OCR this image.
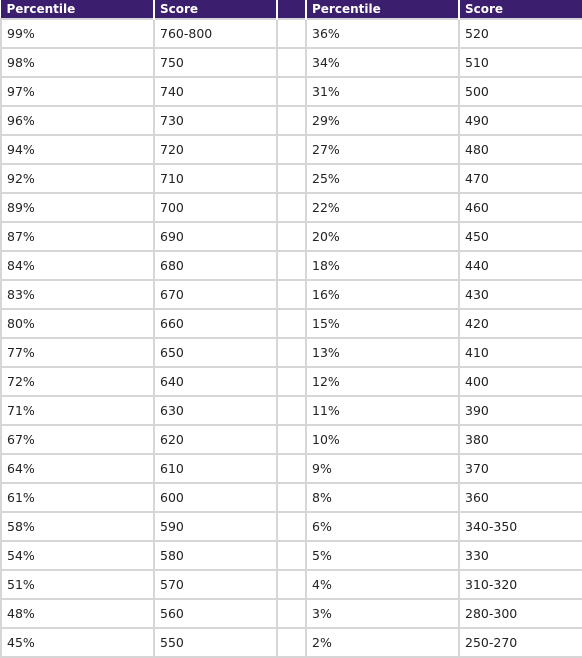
Percentile	Score		Percentile	Score
99%	760-800		36%	520
98%	750		34%	510
97%	740		31%	500
96%	730		29%	490
94%	720		27%	480
92%	710		25%	470
89%	700		22%	460
87%	690		20%	450
84%	680		18%	440
83%	670		16%	430
80%	660		15%	420
77%	650		13%	410
72%	640		12%	400
71%	630		11%	390
67%	620		10%	380
64%	610		9%	370
61%	600		8%	360
58%	590		6%	340-350
54%	580		5%	330
51%	570		4%	310-320
48%	560		3%	280-300
45%	550		2%	250-270
